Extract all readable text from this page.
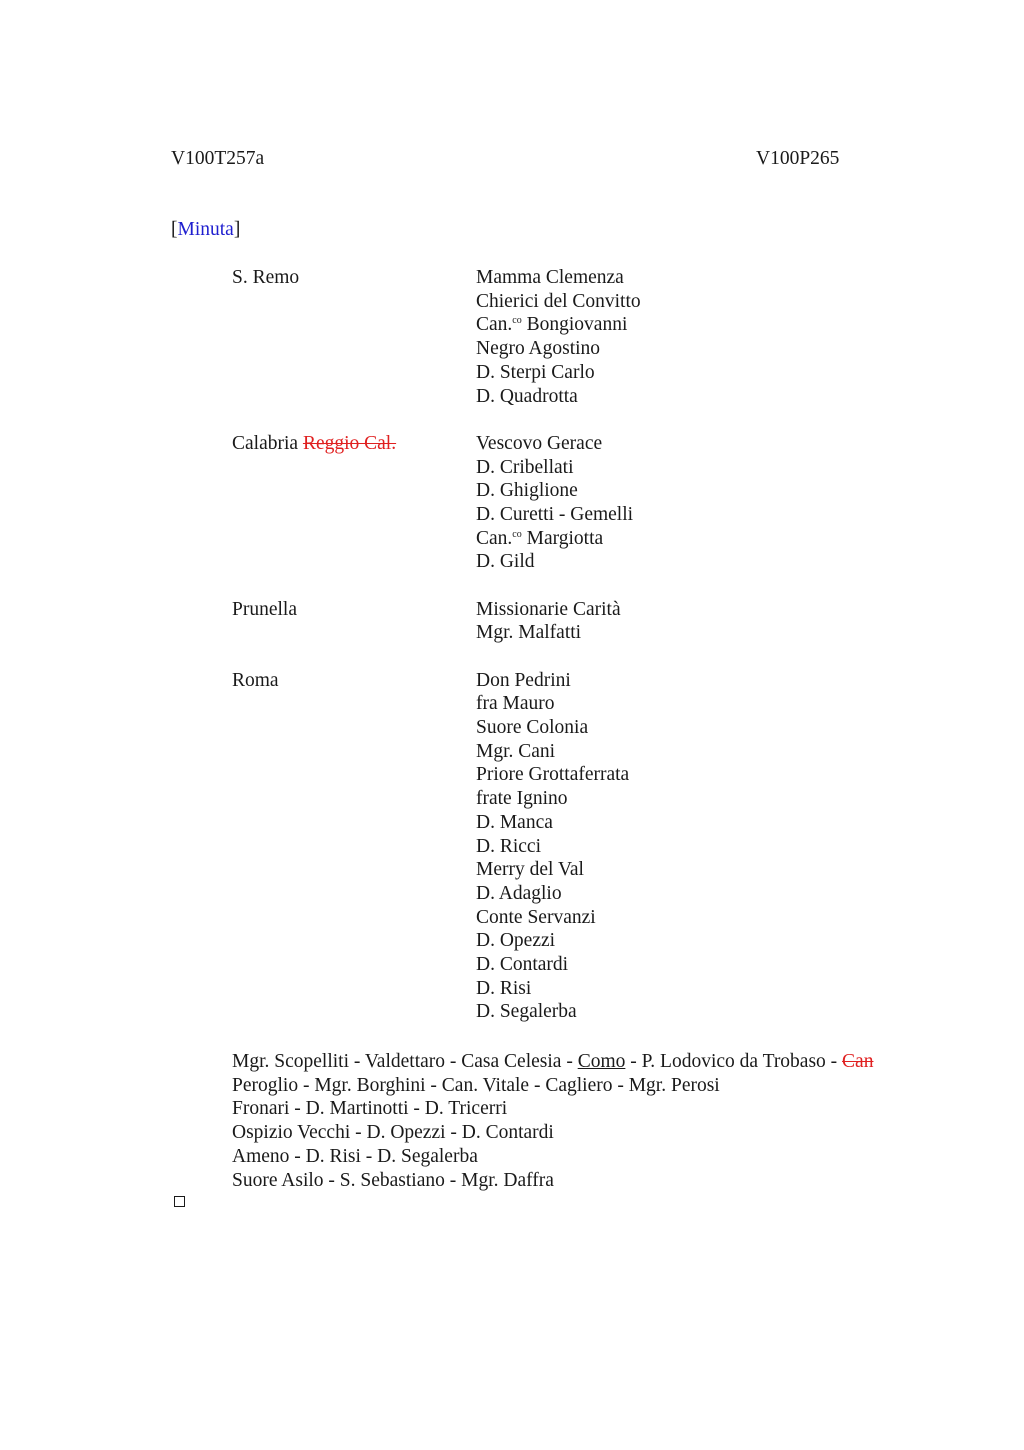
V100T257a	V100P265
[Minuta]
S. Remo	Mamma Clemenza
Chierici del Convitto
Can.$^{co}$ Bongiovanni
Negro Agostino
D. Sterpi Carlo
D. Quadrotta
Calabria Reggio Cal.	Vescovo Gerace
D. Cribellati
D. Ghiglione
D. Curetti - Gemelli
Can.$^{co}$ Margiotta
D. Gild
Prunella	Missionarie Carità
Mgr. Malfatti
Roma	Don Pedrini
fra Mauro
Suore Colonia
Mgr. Cani
Priore Grottaferrata
frate Ignino
D. Manca
D. Ricci
Merry del Val
D. Adaglio
Conte Servanzi
D. Opezzi
D. Contardi
D. Risi
D. Segalerba
Mgr. Scopelliti - Valdettaro - Casa Celesia - Como - P. Lodovico da Trobaso - Can
Peroglio - Mgr. Borghini - Can. Vitale - Cagliero - Mgr. Perosi
Fronari - D. Martinotti - D. Tricerri
Ospizio Vecchi - D. Opezzi - D. Contardi
Ameno - D. Risi - D. Segalerba
Suore Asilo - S. Sebastiano - Mgr. Daffra
